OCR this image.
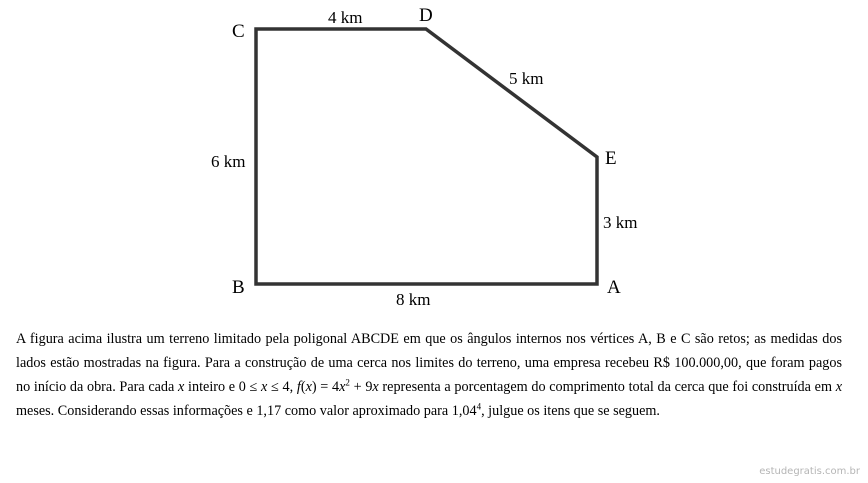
C
D
E
B	A
4 km
5 km
6 km
3 km
8 km
A figura acima ilustra um terreno limitado pela poligonal ABCDE em que os ângulos internos nos vértices A, B e C são retos; as medidas dos lados estão mostradas na figura. Para a construção de uma cerca nos limites do terreno, uma empresa recebeu R$ 100.000,00, que foram pagos no início da obra. Para cada x inteiro e 0 ≤ x ≤ 4, $f(x) = 4x^2 + 9x$ representa a porcentagem do comprimento total da cerca que foi construída em x meses. Considerando essas informações e 1,17 como valor aproximado para 1,04$^4$, julgue os itens que se seguem.
estudegratis.com.br
